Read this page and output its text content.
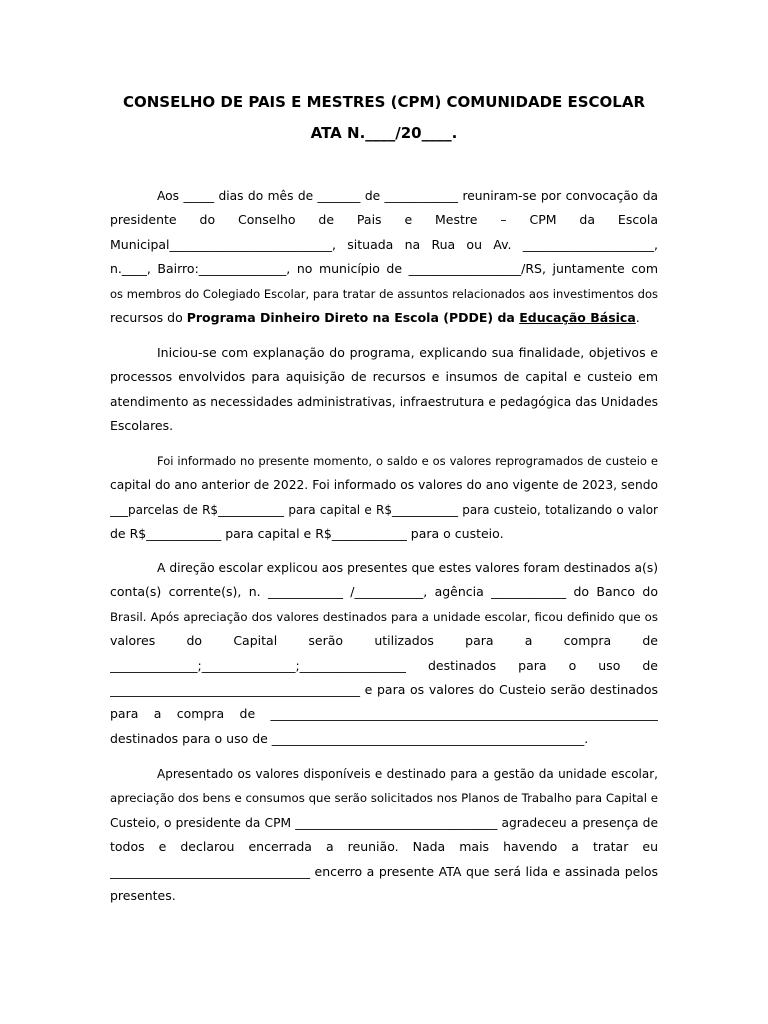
CONSELHO DE PAIS E MESTRES (CPM) COMUNIDADE ESCOLAR
ATA N.____/20____.
Aos _____ dias do mês de _______ de ____________ reuniram-se por convocação da
presidente do Conselho de Pais e Mestre – CPM da Escola
Municipal__________________________, situada na Rua ou Av. _____________________,
n.____, Bairro:______________, no município de __________________/RS, juntamente com
os membros do Colegiado Escolar, para tratar de assuntos relacionados aos investimentos dos
recursos do Programa Dinheiro Direto na Escola (PDDE) da Educação Básica.
Iniciou-se com explanação do programa, explicando sua finalidade, objetivos e
processos envolvidos para aquisição de recursos e insumos de capital e custeio em
atendimento as necessidades administrativas, infraestrutura e pedagógica das Unidades
Escolares.
Foi informado no presente momento, o saldo e os valores reprogramados de custeio e
capital do ano anterior de 2022. Foi informado os valores do ano vigente de 2023, sendo
___parcelas de R$___________ para capital e R$___________ para custeio, totalizando o valor
de R$____________ para capital e R$____________ para o custeio.
A direção escolar explicou aos presentes que estes valores foram destinados a(s)
conta(s) corrente(s), n. ____________ /___________, agência ____________ do Banco do
Brasil. Após apreciação dos valores destinados para a unidade escolar, ficou definido que os
valores do Capital serão utilizados para a compra de
______________;_______________;_________________ destinados para o uso de
________________________________________ e para os valores do Custeio serão destinados
para a compra de ______________________________________________________________
destinados para o uso de __________________________________________________.
Apresentado os valores disponíveis e destinado para a gestão da unidade escolar,
apreciação dos bens e consumos que serão solicitados nos Planos de Trabalho para Capital e
Custeio, o presidente da CPM _________________________________ agradeceu a presença de
todos e declarou encerrada a reunião. Nada mais havendo a tratar eu
________________________________ encerro a presente ATA que será lida e assinada pelos
presentes.
